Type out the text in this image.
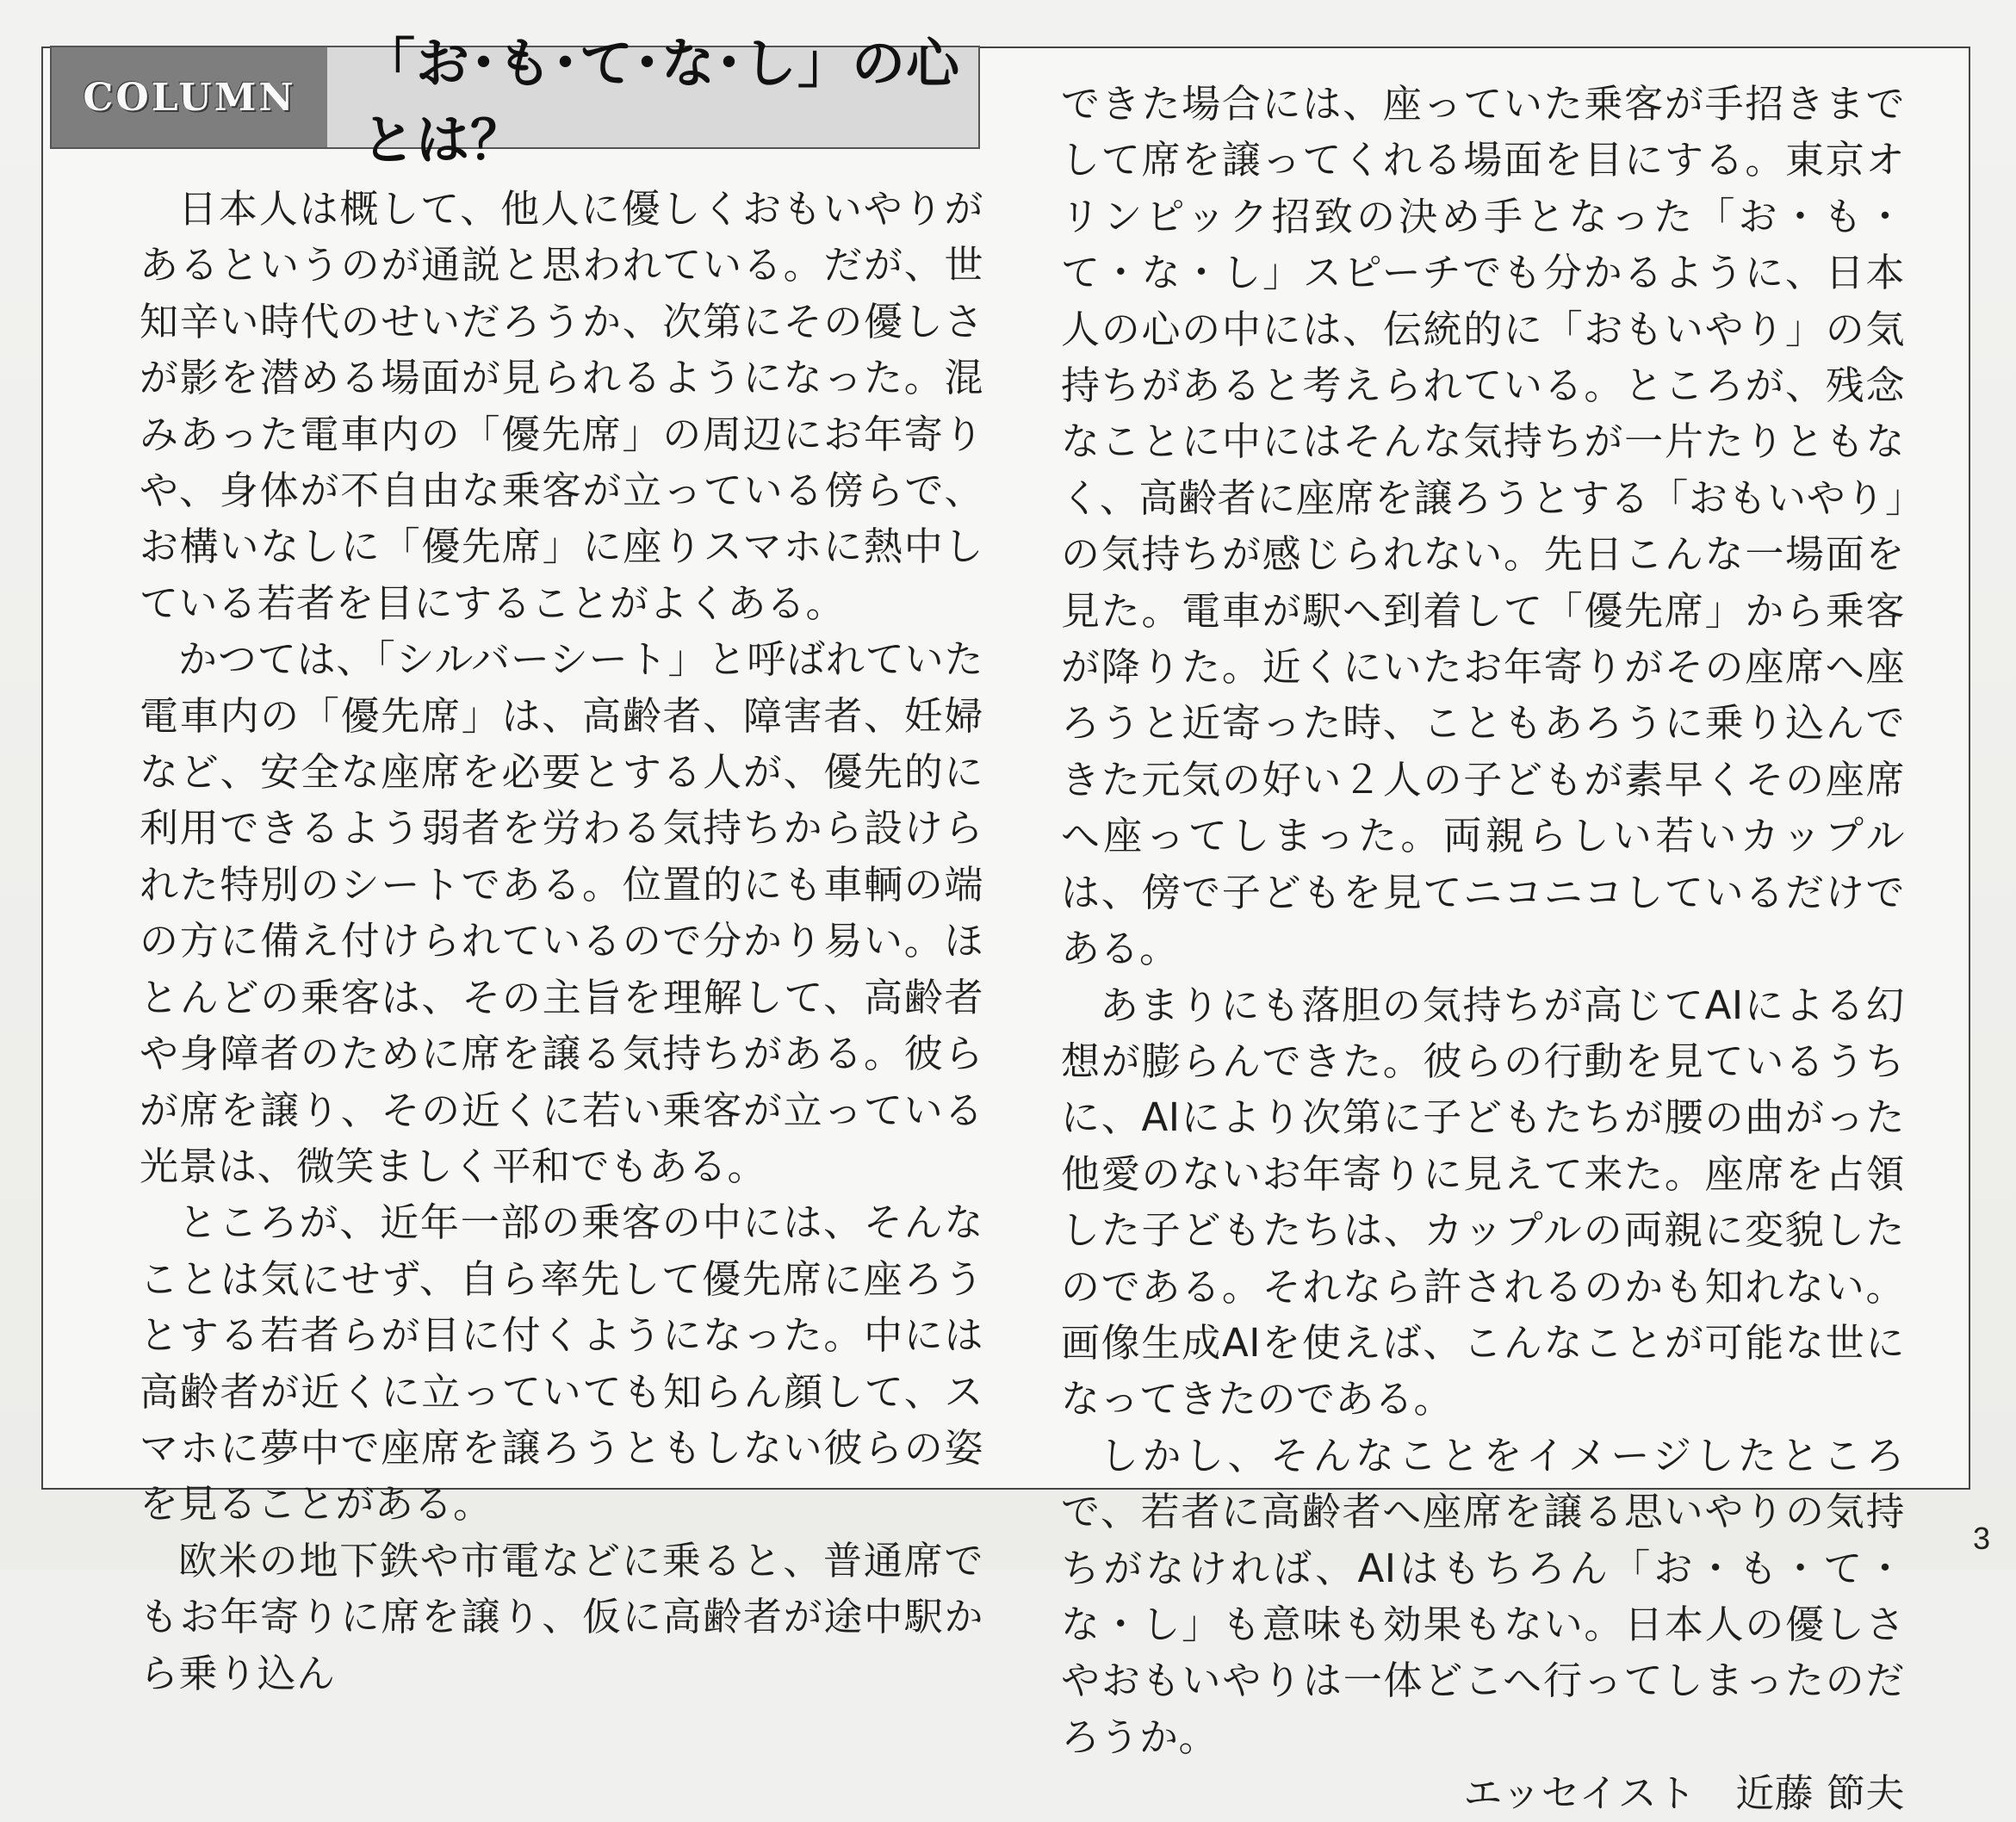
COLUMN
「お･も･て･な･し」の心とは？

日本人は概して、他人に優しくおもいやりがあるというのが通説と思われている。だが、世知辛い時代のせいだろうか、次第にその優しさが影を潜める場面が見られるようになった。混みあった電車内の「優先席」の周辺にお年寄りや、身体が不自由な乗客が立っている傍らで、お構いなしに「優先席」に座りスマホに熱中している若者を目にすることがよくある。

かつては、「シルバーシート」と呼ばれていた電車内の「優先席」は、高齢者、障害者、妊婦など、安全な座席を必要とする人が、優先的に利用できるよう弱者を労わる気持ちから設けられた特別のシートである。位置的にも車輌の端の方に備え付けられているので分かり易い。ほとんどの乗客は、その主旨を理解して、高齢者や身障者のために席を譲る気持ちがある。彼らが席を譲り、その近くに若い乗客が立っている光景は、微笑ましく平和でもある。

ところが、近年一部の乗客の中には、そんなことは気にせず、自ら率先して優先席に座ろうとする若者らが目に付くようになった。中には高齢者が近くに立っていても知らん顔して、スマホに夢中で座席を譲ろうともしない彼らの姿を見ることがある。

欧米の地下鉄や市電などに乗ると、普通席でもお年寄りに席を譲り、仮に高齢者が途中駅から乗り込ん

できた場合には、座っていた乗客が手招きまでして席を譲ってくれる場面を目にする。東京オリンピック招致の決め手となった「お・も・て・な・し」スピーチでも分かるように、日本人の心の中には、伝統的に「おもいやり」の気持ちがあると考えられている。ところが、残念なことに中にはそんな気持ちが一片たりともなく、高齢者に座席を譲ろうとする「おもいやり」の気持ちが感じられない。先日こんな一場面を見た。電車が駅へ到着して「優先席」から乗客が降りた。近くにいたお年寄りがその座席へ座ろうと近寄った時、こともあろうに乗り込んできた元気の好い２人の子どもが素早くその座席へ座ってしまった。両親らしい若いカップルは、傍で子どもを見てニコニコしているだけである。

あまりにも落胆の気持ちが高じてAIによる幻想が膨らんできた。彼らの行動を見ているうちに、AIにより次第に子どもたちが腰の曲がった他愛のないお年寄りに見えて来た。座席を占領した子どもたちは、カップルの両親に変貌したのである。それなら許されるのかも知れない。画像生成AIを使えば、こんなことが可能な世になってきたのである。

しかし、そんなことをイメージしたところで、若者に高齢者へ座席を譲る思いやりの気持ちがなければ、AIはもちろん「お・も・て・な・し」も意味も効果もない。日本人の優しさやおもいやりは一体どこへ行ってしまったのだろうか。

エッセイスト　近藤 節夫
3
